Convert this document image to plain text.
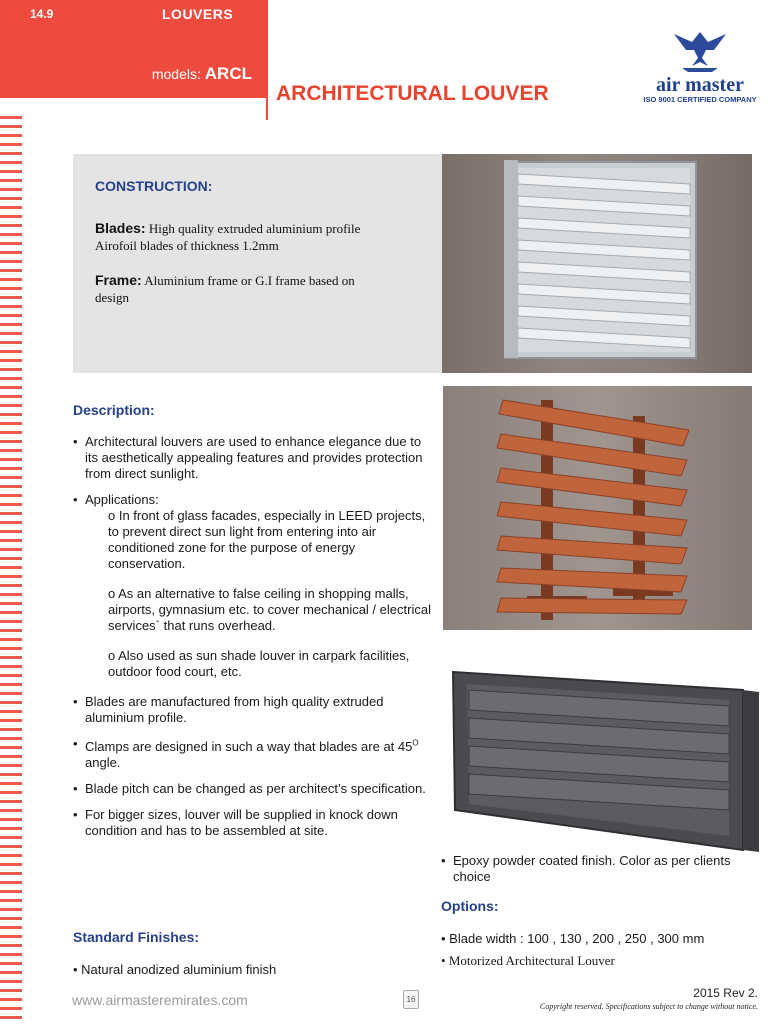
14.9	LOUVERS
models: ARCL
ARCHITECTURAL LOUVER	air master
ISO 9001 CERTIFIED COMPANY
CONSTRUCTION:
Blades: High quality extruded aluminium profile
Airofoil blades of thickness 1.2mm
Frame: Aluminium frame or G.I frame based on
design
Description:
• Architectural louvers are used to enhance elegance due to its aesthetically appealing features and provides protection from direct sunlight.
• Applications:
o In front of glass facades, especially in LEED projects, to prevent direct sun light from entering into air conditioned zone for the purpose of energy conservation.
o As an alternative to false ceiling in shopping malls, airports, gymnasium etc. to cover mechanical / electrical services` that runs overhead.
o Also used as sun shade louver in carpark facilities, outdoor food court, etc.
• Blades are manufactured from high quality extruded aluminium profile.
• Clamps are designed in such a way that blades are at $45^O$ angle.
• Blade pitch can be changed as per architect’s specification.
• For bigger sizes, louver will be supplied in knock down condition and has to be assembled at site.
Standard Finishes:
• Natural anodized aluminium finish
• Epoxy powder coated finish. Color as per clients choice
Options:
• Blade width : 100 , 130 , 200 , 250 , 300 mm
• Motorized Architectural Louver
www.airmasteremirates.com	16	2015 Rev 2.
Copyright reserved. Specifications subject to change without notice.
